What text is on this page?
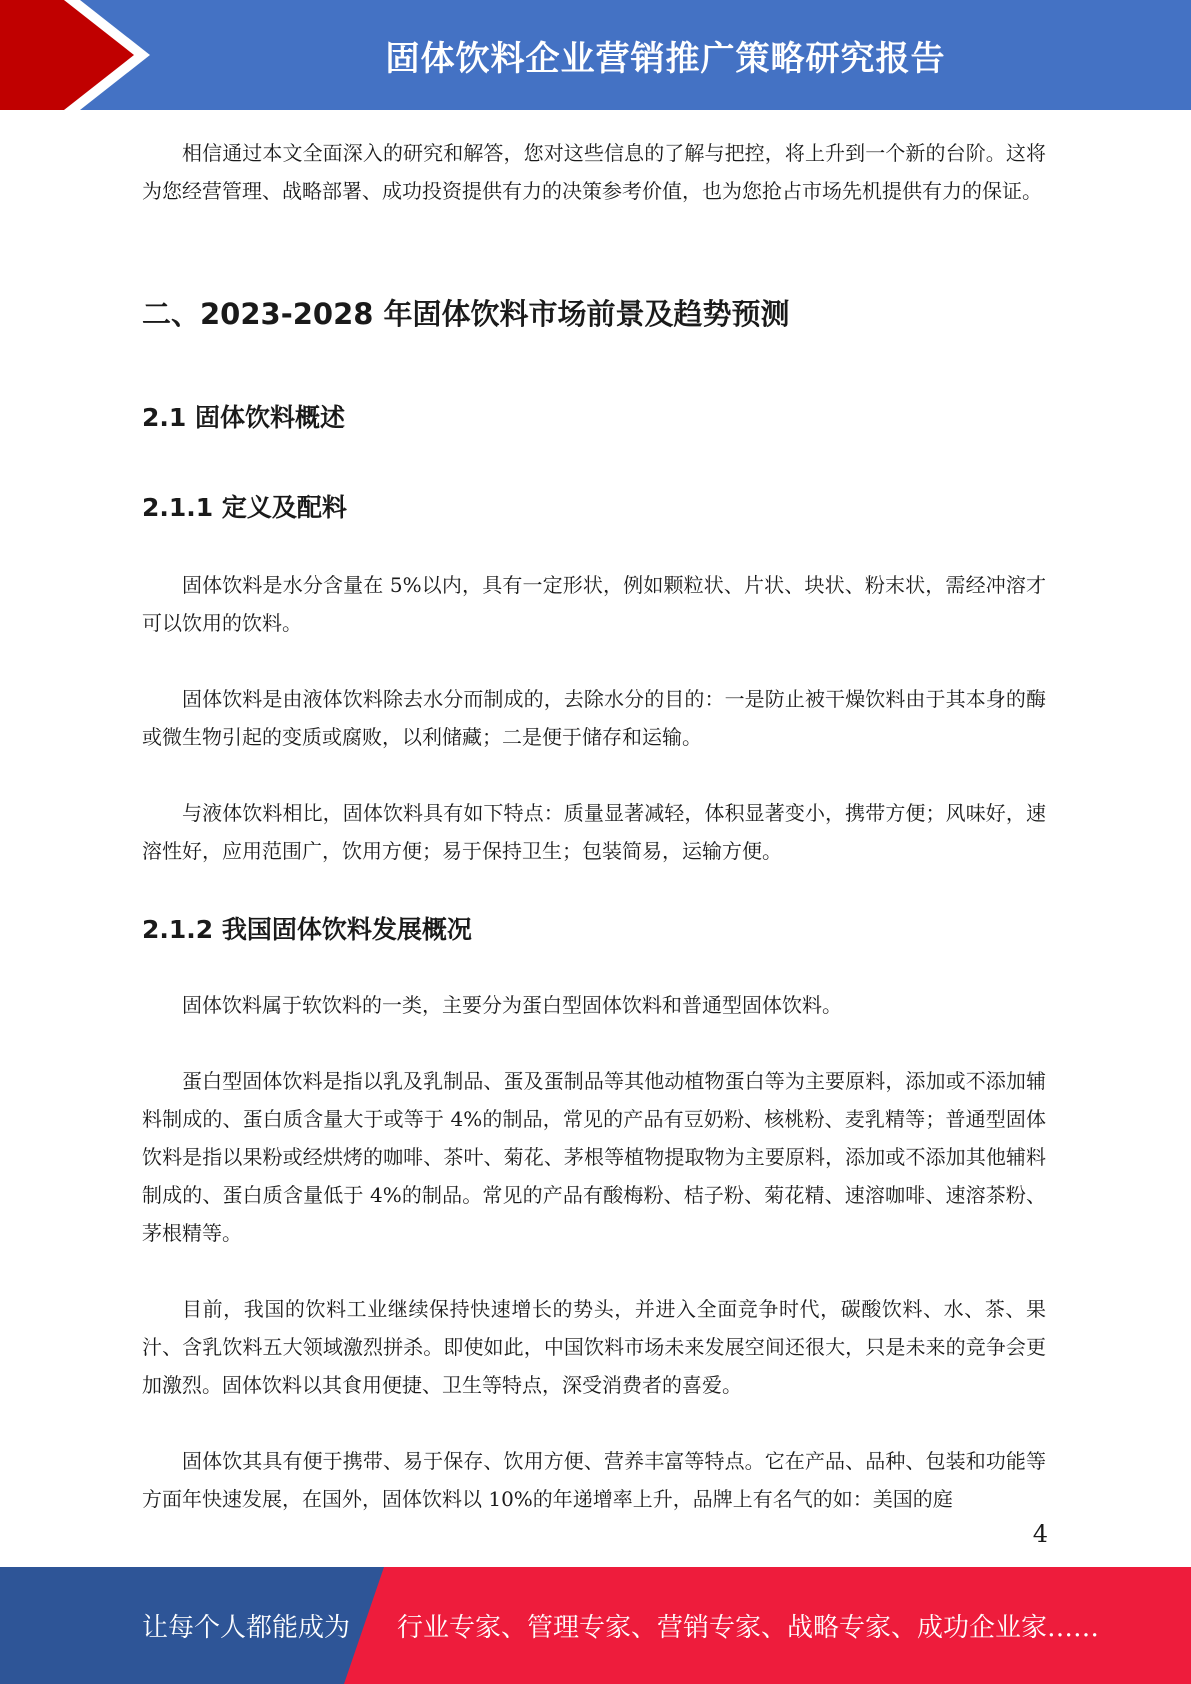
固体饮料企业营销推广策略研究报告

相信通过本文全面深入的研究和解答，您对这些信息的了解与把控，将上升到一个新的台阶。这将为您经营管理、战略部署、成功投资提供有力的决策参考价值，也为您抢占市场先机提供有力的保证。

二、2023-2028 年固体饮料市场前景及趋势预测
2.1 固体饮料概述
2.1.1 定义及配料

固体饮料是水分含量在 5%以内，具有一定形状，例如颗粒状、片状、块状、粉末状，需经冲溶才可以饮用的饮料。

固体饮料是由液体饮料除去水分而制成的，去除水分的目的：一是防止被干燥饮料由于其本身的酶或微生物引起的变质或腐败，以利储藏；二是便于储存和运输。

与液体饮料相比，固体饮料具有如下特点：质量显著减轻，体积显著变小，携带方便；风味好，速溶性好，应用范围广，饮用方便；易于保持卫生；包装简易，运输方便。

2.1.2 我国固体饮料发展概况

固体饮料属于软饮料的一类，主要分为蛋白型固体饮料和普通型固体饮料。

蛋白型固体饮料是指以乳及乳制品、蛋及蛋制品等其他动植物蛋白等为主要原料，添加或不添加辅料制成的、蛋白质含量大于或等于 4%的制品，常见的产品有豆奶粉、核桃粉、麦乳精等；普通型固体饮料是指以果粉或经烘烤的咖啡、茶叶、菊花、茅根等植物提取物为主要原料，添加或不添加其他辅料制成的、蛋白质含量低于 4%的制品。常见的产品有酸梅粉、桔子粉、菊花精、速溶咖啡、速溶茶粉、茅根精等。

目前，我国的饮料工业继续保持快速增长的势头，并进入全面竞争时代，碳酸饮料、水、茶、果汁、含乳饮料五大领域激烈拼杀。即使如此，中国饮料市场未来发展空间还很大，只是未来的竞争会更加激烈。固体饮料以其食用便捷、卫生等特点，深受消费者的喜爱。

固体饮其具有便于携带、易于保存、饮用方便、营养丰富等特点。它在产品、品种、包装和功能等方面年快速发展，在国外，固体饮料以 10%的年递增率上升，品牌上有名气的如：美国的庭

4
让每个人都能成为 行业专家、管理专家、营销专家、战略专家、成功企业家……
